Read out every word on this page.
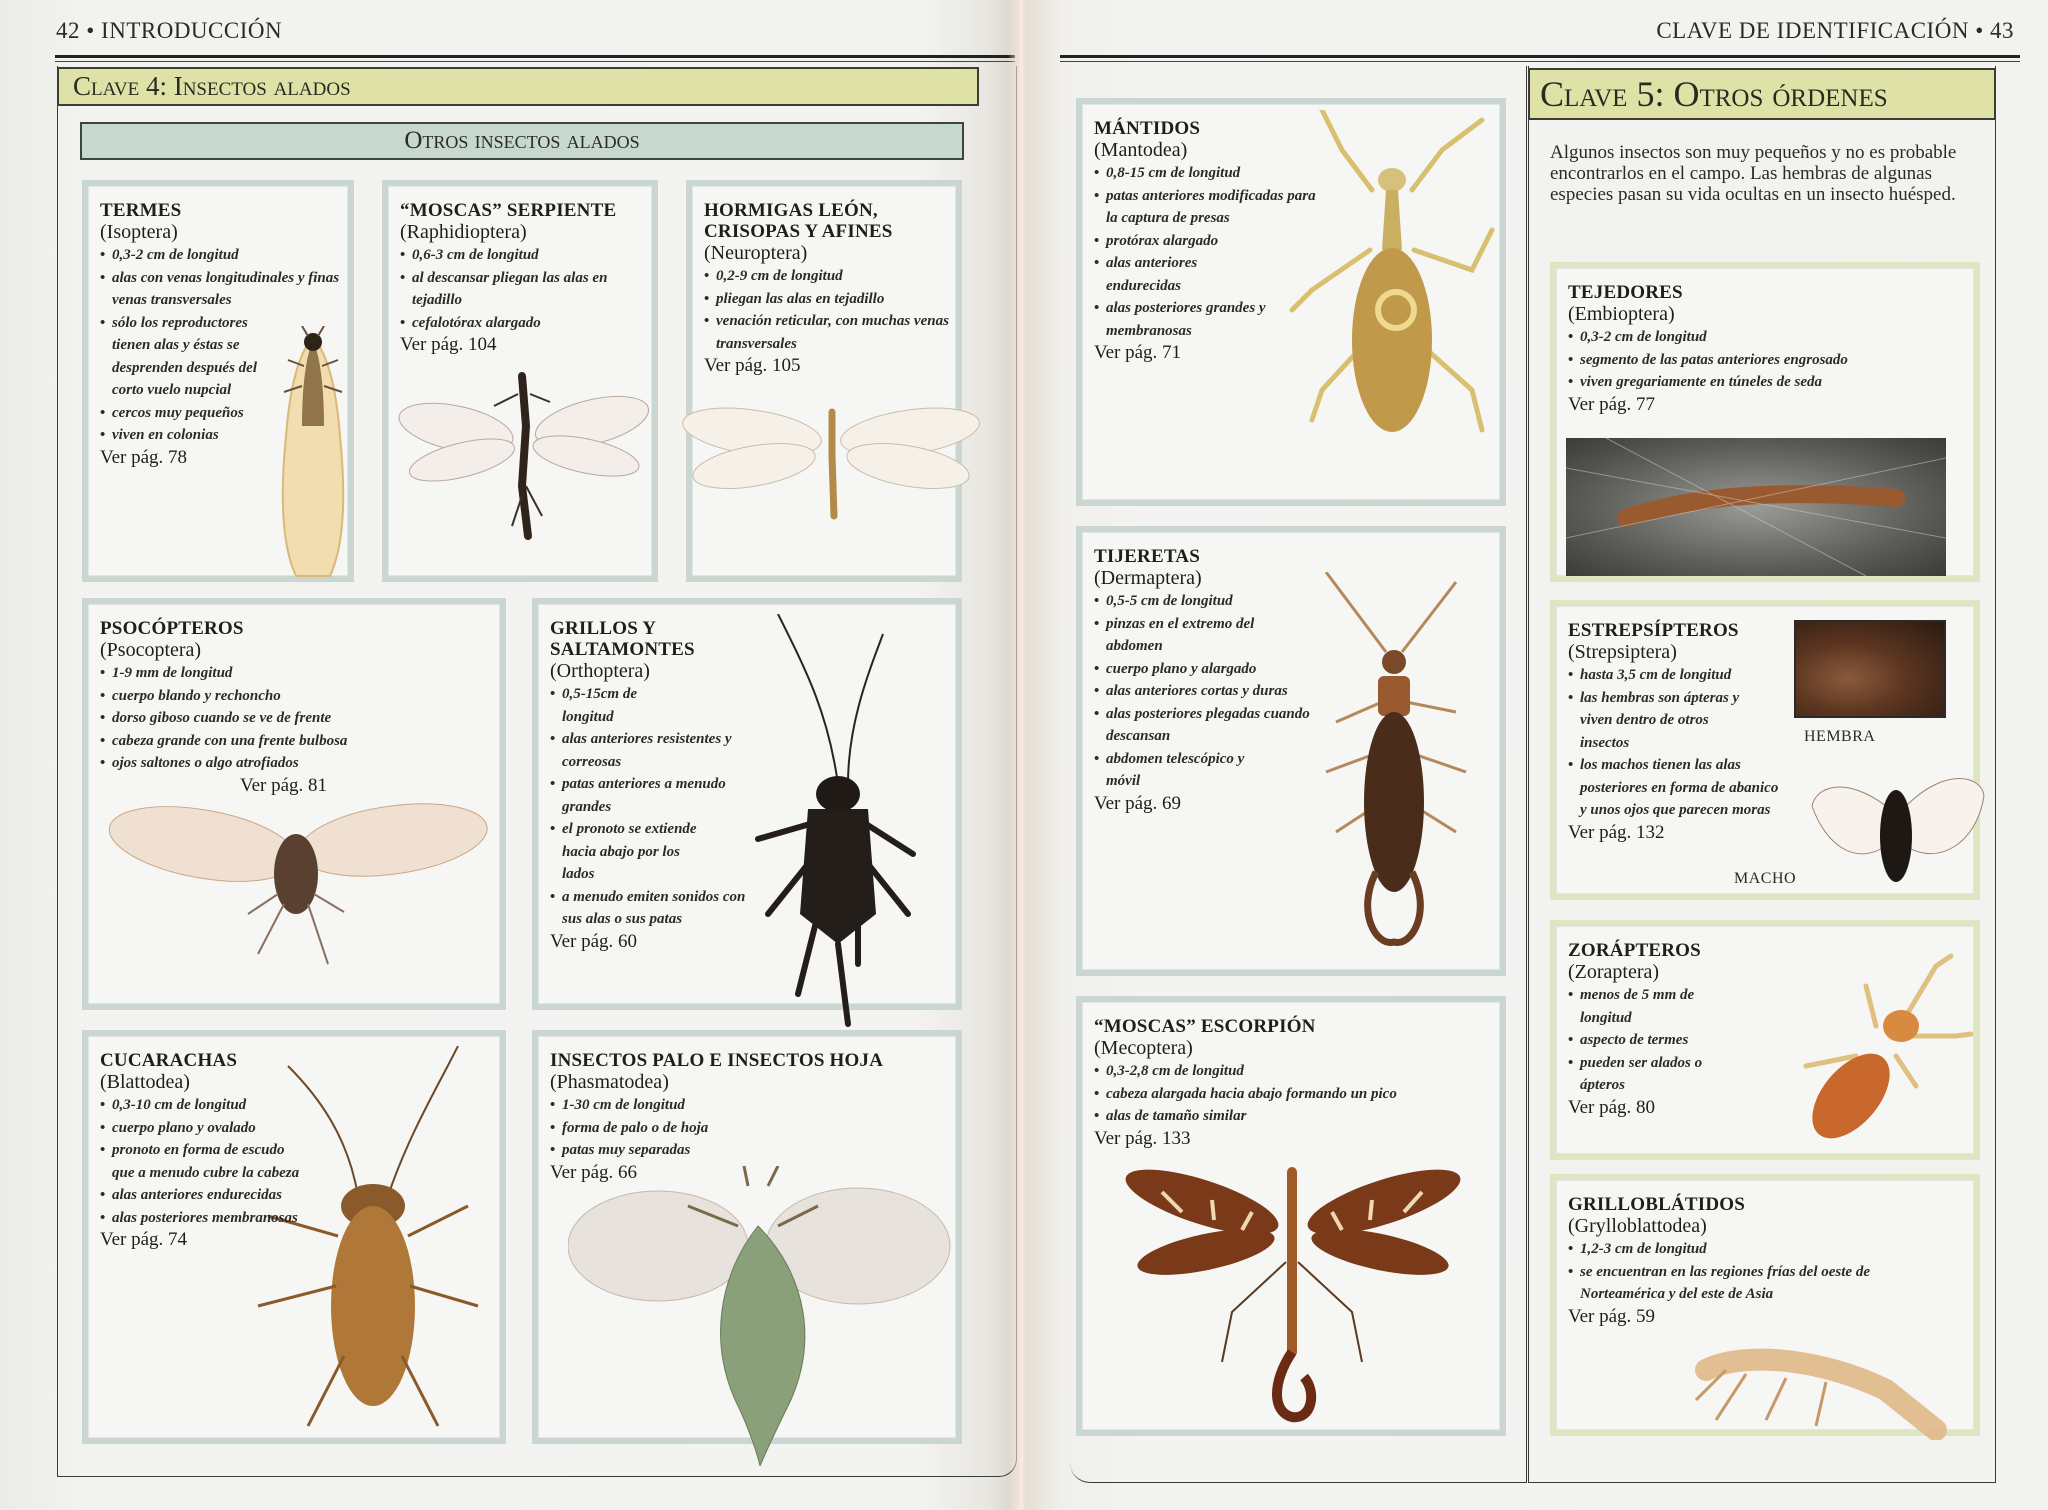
42 • INTRODUCCIÓN
Clave 4: Insectos alados
Otros insectos alados
TERMES
(Isoptera)
• 0,3-2 cm de longitud
• alas con venas longitudinales y finas venas transversales
• sólo los reproductores tienen alas y éstas se desprenden después del corto vuelo nupcial
• cercos muy pequeños
• viven en colonias
Ver pág. 78
“MOSCAS” SERPIENTE
(Raphidioptera)
• 0,6-3 cm de longitud
• al descansar pliegan las alas en tejadillo
• cefalotórax alargado
Ver pág. 104
HORMIGAS LEÓN, CRISOPAS Y AFINES
(Neuroptera)
• 0,2-9 cm de longitud
• pliegan las alas en tejadillo
• venación reticular, con muchas venas transversales
Ver pág. 105
PSOCÓPTEROS
(Psocoptera)
• 1-9 mm de longitud
• cuerpo blando y rechoncho
• dorso giboso cuando se ve de frente
• cabeza grande con una frente bulbosa
• ojos saltones o algo atrofiados
Ver pág. 81
GRILLOS Y SALTAMONTES
(Orthoptera)
• 0,5-15cm de longitud
• alas anteriores resistentes y correosas
• patas anteriores a menudo grandes
• el pronoto se extiende hacia abajo por los lados
• a menudo emiten sonidos con sus alas o sus patas
Ver pág. 60
CUCARACHAS
(Blattodea)
• 0,3-10 cm de longitud
• cuerpo plano y ovalado
• pronoto en forma de escudo que a menudo cubre la cabeza
• alas anteriores endurecidas
• alas posteriores membranosas
Ver pág. 74
INSECTOS PALO E INSECTOS HOJA
(Phasmatodea)
• 1-30 cm de longitud
• forma de palo o de hoja
• patas muy separadas
Ver pág. 66
CLAVE DE IDENTIFICACIÓN • 43
MÁNTIDOS
(Mantodea)
• 0,8-15 cm de longitud
• patas anteriores modificadas para la captura de presas
• protórax alargado
• alas anteriores endurecidas
• alas posteriores grandes y membranosas
Ver pág. 71
TIJERETAS
(Dermaptera)
• 0,5-5 cm de longitud
• pinzas en el extremo del abdomen
• cuerpo plano y alargado
• alas anteriores cortas y duras
• alas posteriores plegadas cuando descansan
• abdomen telescópico y móvil
Ver pág. 69
“MOSCAS” ESCORPIÓN
(Mecoptera)
• 0,3-2,8 cm de longitud
• cabeza alargada hacia abajo formando un pico
• alas de tamaño similar
Ver pág. 133
Clave 5: Otros órdenes
Algunos insectos son muy pequeños y no es probable encontrarlos en el campo. Las hembras de algunas especies pasan su vida ocultas en un insecto huésped.
TEJEDORES
(Embioptera)
• 0,3-2 cm de longitud
• segmento de las patas anteriores engrosado
• viven gregariamente en túneles de seda
Ver pág. 77
ESTREPSÍPTEROS
(Strepsiptera)
• hasta 3,5 cm de longitud
• las hembras son ápteras y viven dentro de otros insectos
• los machos tienen las alas posteriores en forma de abanico y unos ojos que parecen moras
Ver pág. 132
HEMBRA
MACHO
ZORÁPTEROS
(Zoraptera)
• menos de 5 mm de longitud
• aspecto de termes
• pueden ser alados o ápteros
Ver pág. 80
GRILLOBLÁTIDOS
(Grylloblattodea)
• 1,2-3 cm de longitud
• se encuentran en las regiones frías del oeste de Norteamérica y del este de Asia
Ver pág. 59
